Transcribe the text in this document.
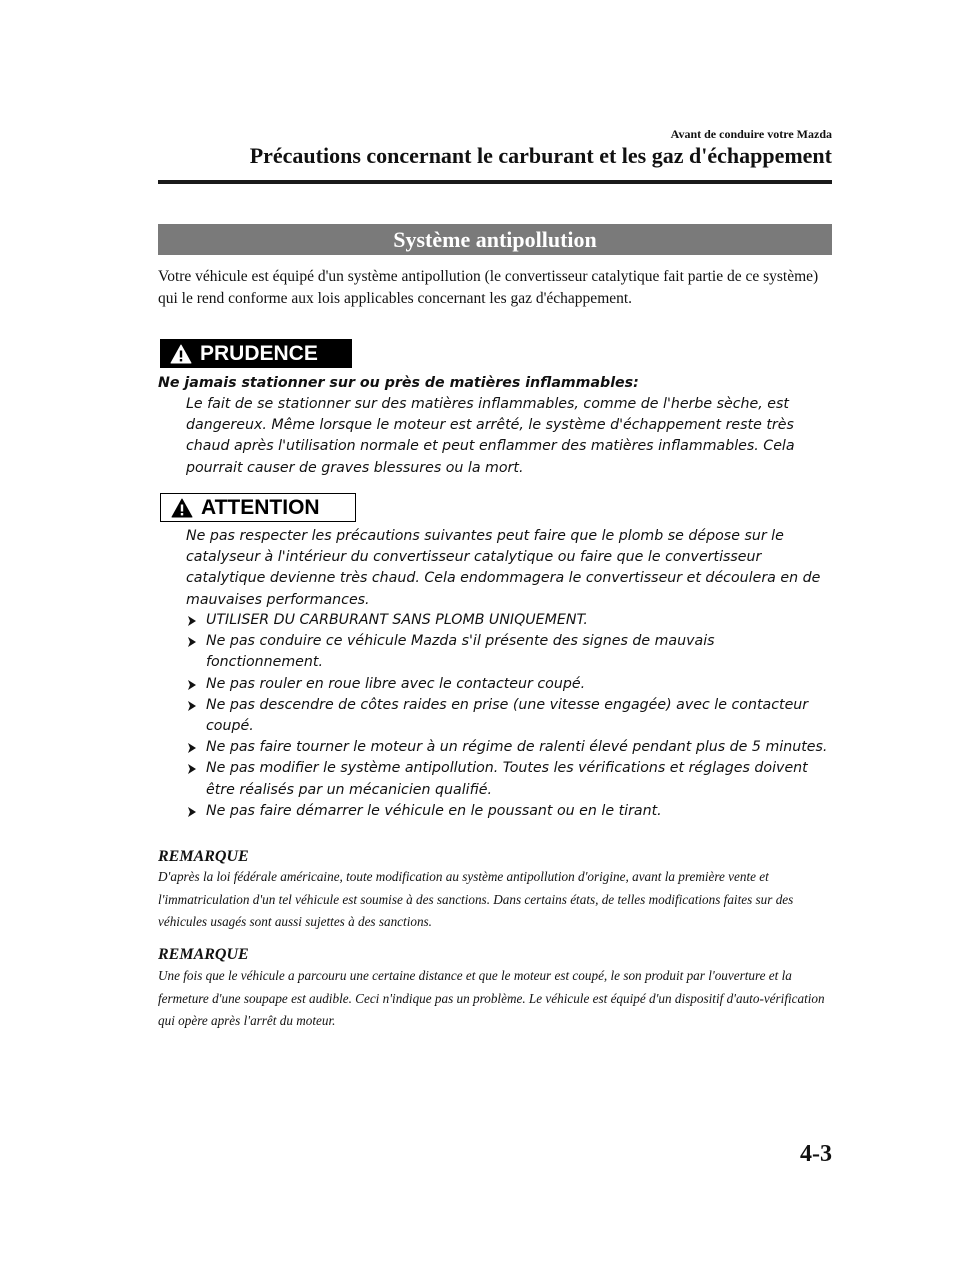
Avant de conduire votre Mazda
Précautions concernant le carburant et les gaz d'échappement
Système antipollution

Votre véhicule est équipé d'un système antipollution (le convertisseur catalytique fait partie de ce système) qui le rend conforme aux lois applicables concernant les gaz d'échappement.

PRUDENCE

Ne jamais stationner sur ou près de matières inflammables:

Le fait de se stationner sur des matières inflammables, comme de l'herbe sèche, est dangereux. Même lorsque le moteur est arrêté, le système d'échappement reste très chaud après l'utilisation normale et peut enflammer des matières inflammables. Cela pourrait causer de graves blessures ou la mort.

ATTENTION

Ne pas respecter les précautions suivantes peut faire que le plomb se dépose sur le catalyseur à l'intérieur du convertisseur catalytique ou faire que le convertisseur catalytique devienne très chaud. Cela endommagera le convertisseur et découlera en de mauvaises performances.

UTILISER DU CARBURANT SANS PLOMB UNIQUEMENT.
Ne pas conduire ce véhicule Mazda s'il présente des signes de mauvais fonctionnement.
Ne pas rouler en roue libre avec le contacteur coupé.
Ne pas descendre de côtes raides en prise (une vitesse engagée) avec le contacteur coupé.
Ne pas faire tourner le moteur à un régime de ralenti élevé pendant plus de 5 minutes.
Ne pas modifier le système antipollution. Toutes les vérifications et réglages doivent être réalisés par un mécanicien qualifié.
Ne pas faire démarrer le véhicule en le poussant ou en le tirant.

REMARQUE

D'après la loi fédérale américaine, toute modification au système antipollution d'origine, avant la première vente et l'immatriculation d'un tel véhicule est soumise à des sanctions. Dans certains états, de telles modifications faites sur des véhicules usagés sont aussi sujettes à des sanctions.

REMARQUE

Une fois que le véhicule a parcouru une certaine distance et que le moteur est coupé, le son produit par l'ouverture et la fermeture d'une soupape est audible. Ceci n'indique pas un problème. Le véhicule est équipé d'un dispositif d'auto-vérification qui opère après l'arrêt du moteur.

4-3
